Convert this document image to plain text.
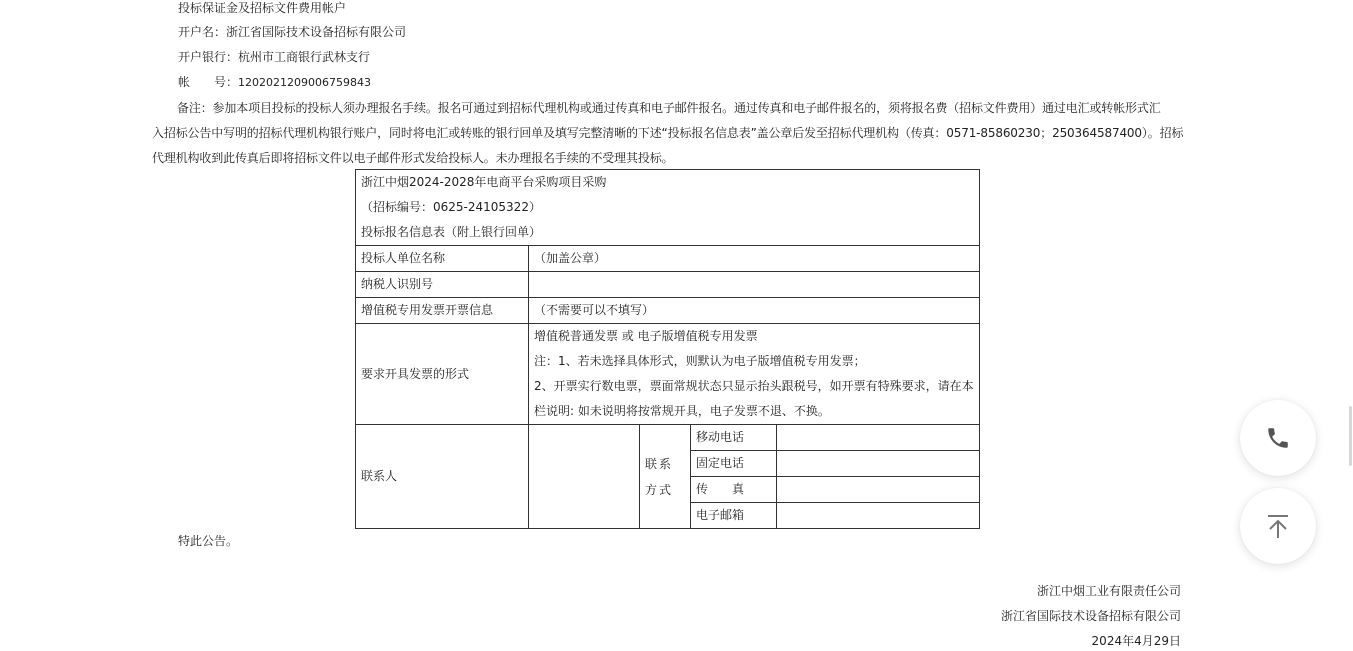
投标保证金及招标文件费用帐户
开户名：浙江省国际技术设备招标有限公司
开户银行：杭州市工商银行武林支行
帐　　号：1202021209006759843
备注：参加本项目投标的投标人须办理报名手续。报名可通过到招标代理机构或通过传真和电子邮件报名。通过传真和电子邮件报名的，须将报名费（招标文件费用）通过电汇或转帐形式汇
入招标公告中写明的招标代理机构银行账户，同时将电汇或转账的银行回单及填写完整清晰的下述“投标报名信息表”盖公章后发至招标代理机构（传真：0571-85860230；250364587400）。招标
代理机构收到此传真后即将招标文件以电子邮件形式发给投标人。未办理报名手续的不受理其投标。
浙江中烟2024-2028年电商平台采购项目采购
（招标编号：0625-24105322）
投标报名信息表（附上银行回单）				

投标人单位名称	（加盖公章）			
纳税人识别号				
增值税专用发票开票信息	（不需要可以不填写）			
要求开具发票的形式	增值税普通发票 或 电子版增值税专用发票
注：1、若未选择具体形式，则默认为电子版增值税专用发票；
2、开票实行数电票，票面常规状态只显示抬头跟税号，如开票有特殊要求，请在本
栏说明: 如未说明将按常规开具，电子发票不退、不换。			

联系人		联系方式	移动电话	
			固定电话	
			传　　真	
			电子邮箱	
特此公告。
浙江中烟工业有限责任公司
浙江省国际技术设备招标有限公司
2024年4月29日
